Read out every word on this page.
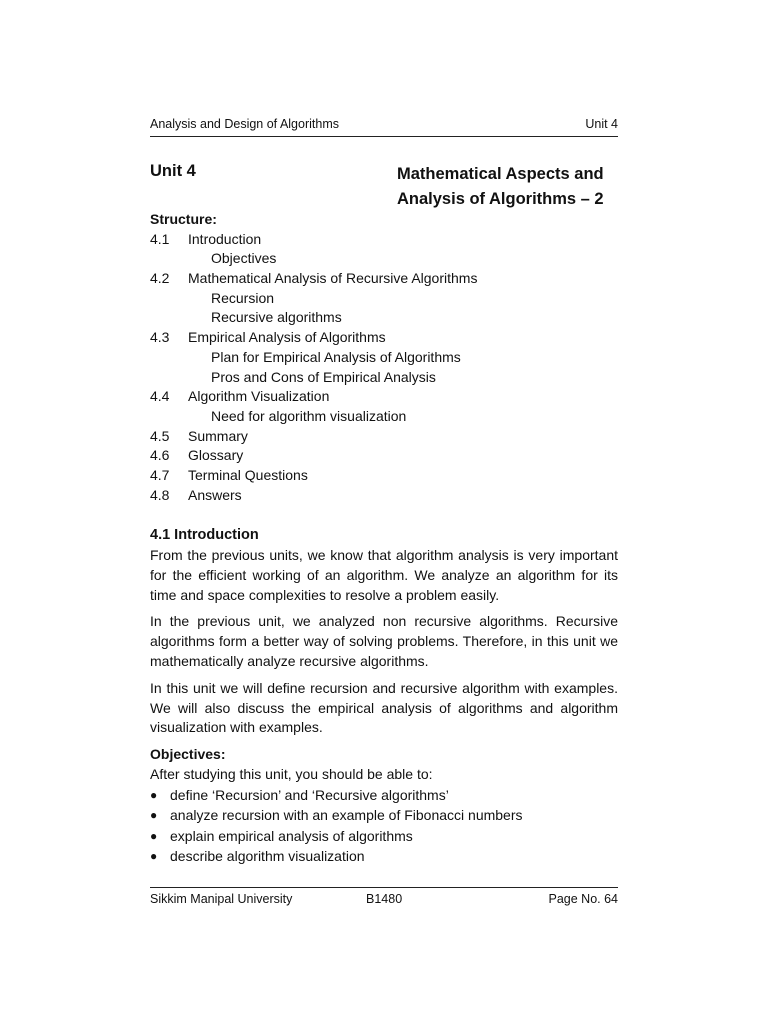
Analysis and Design of Algorithms	Unit 4
Unit 4	Mathematical Aspects and
Analysis of Algorithms – 2
Structure:
4.1 Introduction
Objectives
4.2 Mathematical Analysis of Recursive Algorithms
Recursion
Recursive algorithms
4.3 Empirical Analysis of Algorithms
Plan for Empirical Analysis of Algorithms
Pros and Cons of Empirical Analysis
4.4 Algorithm Visualization
Need for algorithm visualization
4.5 Summary
4.6 Glossary
4.7 Terminal Questions
4.8 Answers
4.1 Introduction

From the previous units, we know that algorithm analysis is very important for the efficient working of an algorithm. We analyze an algorithm for its time and space complexities to resolve a problem easily.

In the previous unit, we analyzed non recursive algorithms. Recursive algorithms form a better way of solving problems. Therefore, in this unit we mathematically analyze recursive algorithms.

In this unit we will define recursion and recursive algorithm with examples. We will also discuss the empirical analysis of algorithms and algorithm visualization with examples.

Objectives:
After studying this unit, you should be able to:
● define ‘Recursion’ and ‘Recursive algorithms’
● analyze recursion with an example of Fibonacci numbers
● explain empirical analysis of algorithms
● describe algorithm visualization
Sikkim Manipal University	B1480	Page No. 64
